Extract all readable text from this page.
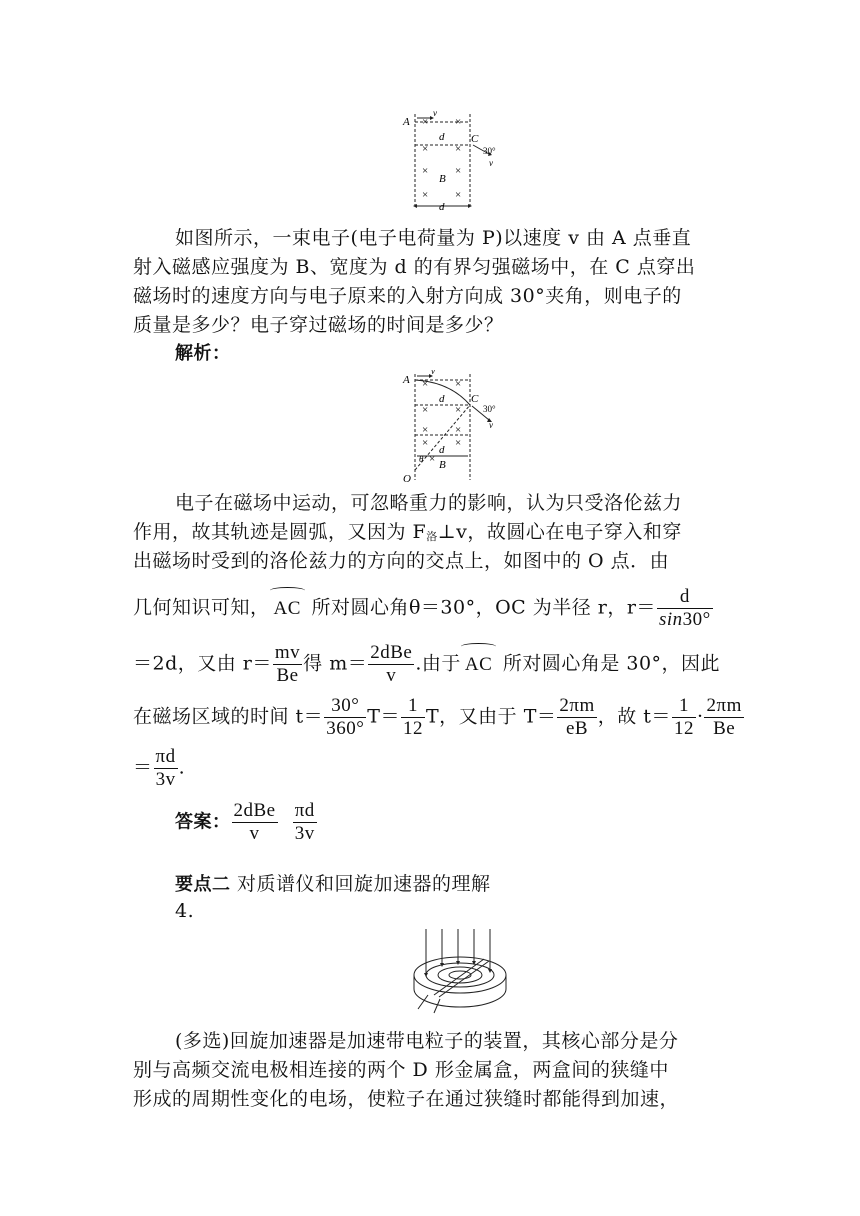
A
v
d C
30°
v
B
d
× ×
× ×
× ×
× ×
如图所示，一束电子(电子电荷量为 P)以速度 v 由 A 点垂直
射入磁感应强度为 B、宽度为 d 的有界匀强磁场中，在 C 点穿出
磁场时的速度方向与电子原来的入射方向成 30°夹角，则电子的
质量是多少？电子穿过磁场的时间是多少？
解析：
A
v
C
30°
v
d
d
B
O
θ
× ×
× ×
× ×
× ×
×
电子在磁场中运动，可忽略重力的影响，认为只受洛伦兹力
作用，故其轨迹是圆弧，又因为 F洛⊥v，故圆心在电子穿入和穿
出磁场时受到的洛伦兹力的方向的交点上，如图中的 O 点．由
几何知识可知， AC 所对圆心角θ＝30°，OC 为半径 r，$r= \frac{d}{\sin 30^\circ}$
＝2d，又由 $r= \frac{mv}{Be}$ 得 $m= \frac{\text{2dBe}}{v}$ .由于 AC 所对圆心角是 30°，因此
在磁场区域的时间 $t= \frac{30^\circ}{360^\circ} T= \frac{1}{12}$ T，又由于 $T= \frac{2\pi m}{eB}$ ，故 $t= \frac{1}{12} \cdot \frac{2\pi m}{Be}$
＝ $\frac{\pi d}{3v}$ .
答案： $\frac{\text{2dBe}}{v}$
$\frac{\pi d}{3v}$
要点二 对质谱仪和回旋加速器的理解
4.
(多选)回旋加速器是加速带电粒子的装置，其核心部分是分
别与高频交流电极相连接的两个 D 形金属盒，两盒间的狭缝中
形成的周期性变化的电场，使粒子在通过狭缝时都能得到加速，
